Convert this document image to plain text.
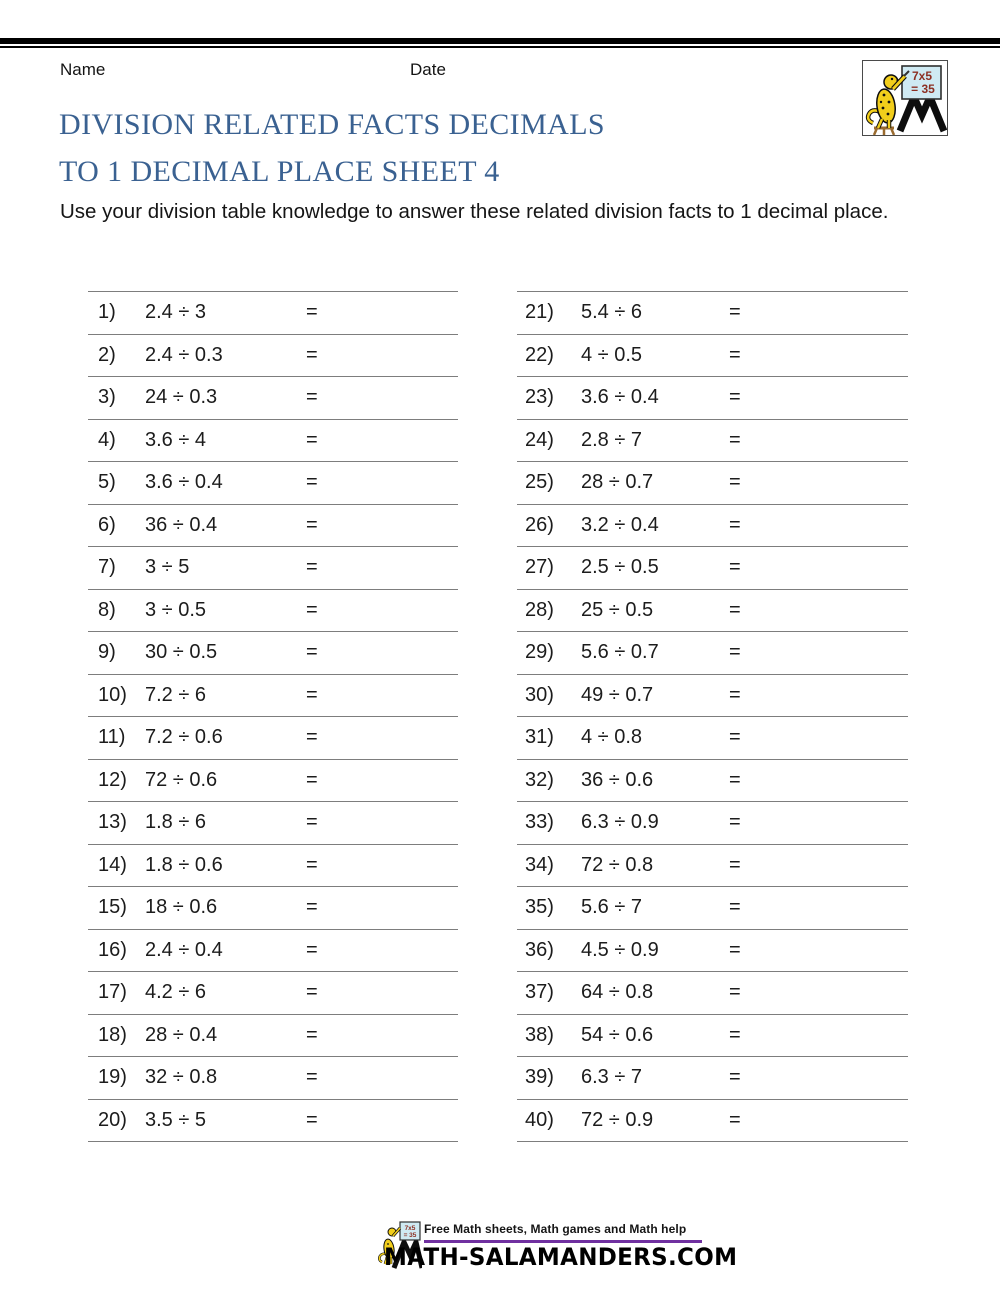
Name	Date	7x5
= 35
DIVISION RELATED FACTS DECIMALS
TO 1 DECIMAL PLACE SHEET 4
Use your division table knowledge to answer these related division facts to 1 decimal place.
1)	2.4 ÷ 3	=
2)	2.4 ÷ 0.3	=
3)	24 ÷ 0.3	=
4)	3.6 ÷ 4	=
5)	3.6 ÷ 0.4	=
6)	36 ÷ 0.4	=
7)	3 ÷ 5	=
8)	3 ÷ 0.5	=
9)	30 ÷ 0.5	=
10) 7.2 ÷ 6	=
11) 7.2 ÷ 0.6	=
12) 72 ÷ 0.6	=
13) 1.8 ÷ 6	=
14) 1.8 ÷ 0.6	=
15) 18 ÷ 0.6	=
16) 2.4 ÷ 0.4	=
17) 4.2 ÷ 6	=
18) 28 ÷ 0.4	=
19) 32 ÷ 0.8	=
20) 3.5 ÷ 5	=
21)	5.4 ÷ 6	=
22)	4 ÷ 0.5	=
23)	3.6 ÷ 0.4	=
24)	2.8 ÷ 7	=
25)	28 ÷ 0.7	=
26)	3.2 ÷ 0.4	=
27)	2.5 ÷ 0.5	=
28)	25 ÷ 0.5	=
29)	5.6 ÷ 0.7	=
30)	49 ÷ 0.7	=
31)	4 ÷ 0.8	=
32)	36 ÷ 0.6	=
33)	6.3 ÷ 0.9	=
34)	72 ÷ 0.8	=
35)	5.6 ÷ 7	=
36)	4.5 ÷ 0.9	=
37)	64 ÷ 0.8	=
38)	54 ÷ 0.6	=
39)	6.3 ÷ 7	=
40)	72 ÷ 0.9	=
7x5
= 35 Free Math sheets, Math games and Math help
MATH-SALAMANDERS.COM
